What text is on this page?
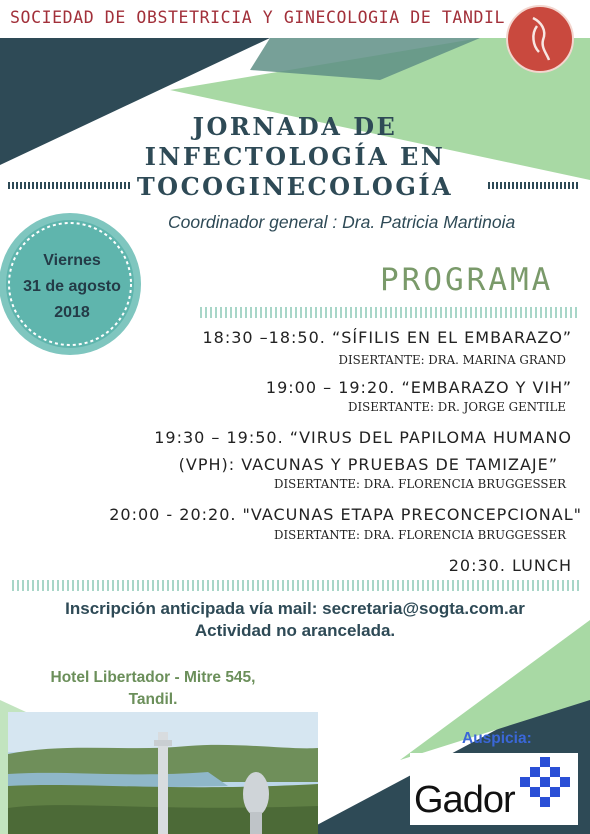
SOCIEDAD DE OBSTETRICIA Y GINECOLOGIA DE TANDIL
JORNADA DE
INFECTOLOGÍA EN
TOCOGINECOLOGÍA
Coordinador general : Dra. Patricia Martinoia
Viernes
31 de agosto
2018
PROGRAMA
18:30 –18:50. “SÍFILIS EN EL EMBARAZO”
DISERTANTE: DRA. MARINA GRAND
19:00 – 19:20. “EMBARAZO Y VIH”
DISERTANTE: DR. JORGE GENTILE
19:30 – 19:50. “VIRUS DEL PAPILOMA HUMANO
(VPH): VACUNAS Y PRUEBAS DE TAMIZAJE”
DISERTANTE: DRA. FLORENCIA BRUGGESSER
20:00 - 20:20. "VACUNAS ETAPA PRECONCEPCIONAL"
DISERTANTE: DRA. FLORENCIA BRUGGESSER
20:30. LUNCH
Inscripción anticipada vía mail: secretaria@sogta.com.ar
Actividad no arancelada.
Hotel Libertador - Mitre 545,
Tandil.
Auspicia:
Gador
